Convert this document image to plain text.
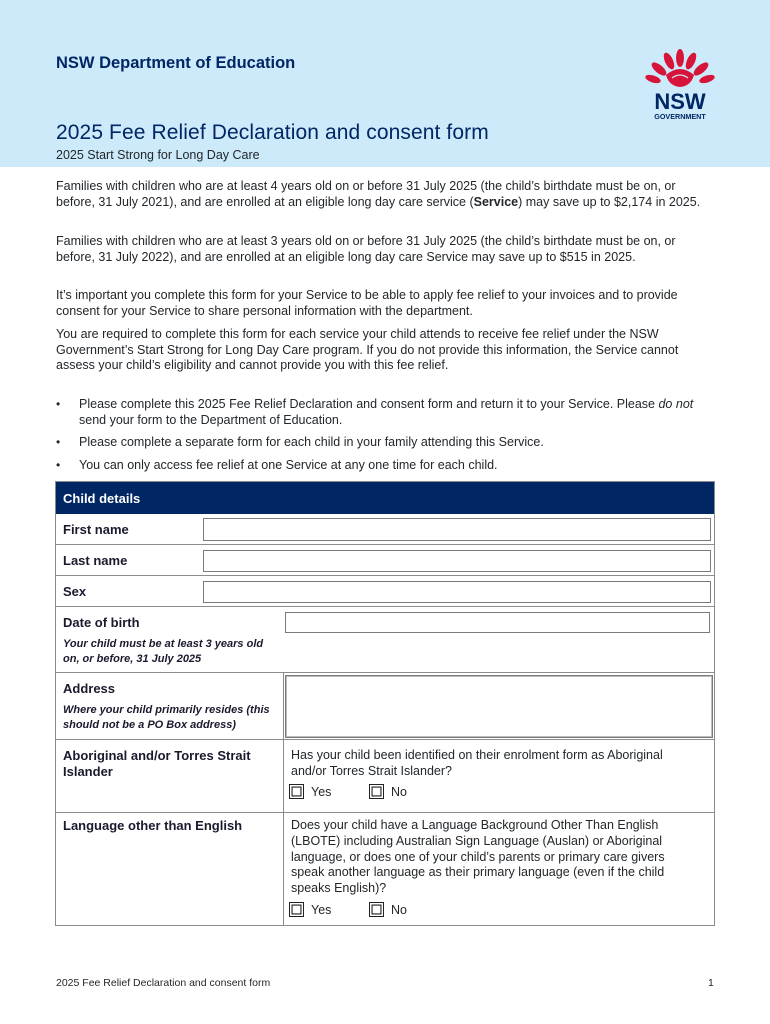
NSW Department of Education
NSW
GOVERNMENT
2025 Fee Relief Declaration and consent form
2025 Start Strong for Long Day Care

Families with children who are at least 4 years old on or before 31 July 2025 (the child’s birthdate must be on, or before, 31 July 2021), and are enrolled at an eligible long day care service (Service) may save up to $2,174 in 2025.

Families with children who are at least 3 years old on or before 31 July 2025 (the child’s birthdate must be on, or before, 31 July 2022), and are enrolled at an eligible long day care Service may save up to $515 in 2025.

It’s important you complete this form for your Service to be able to apply fee relief to your invoices and to provide consent for your Service to share personal information with the department.

You are required to complete this form for each service your child attends to receive fee relief under the NSW Government’s Start Strong for Long Day Care program. If you do not provide this information, the Service cannot assess your child’s eligibility and cannot provide you with this fee relief.

• Please complete this 2025 Fee Relief Declaration and consent form and return it to your Service. Please do not send your form to the Department of Education.
• Please complete a separate form for each child in your family attending this Service.
• You can only access fee relief at one Service at any one time for each child.
Child details
First name
Last name
Sex
Date of birth
Your child must be at least 3 years old on, or before, 31 July 2025
Address
Where your child primarily resides (this should not be a PO Box address)
Aboriginal and/or Torres Strait Islander
Has your child been identified on their enrolment form as Aboriginal and/or Torres Strait Islander?
Yes	No
Language other than English	Does your child have a Language Background Other Than English (LBOTE) including Australian Sign Language (Auslan) or Aboriginal language, or does one of your child’s parents or primary care givers speak another language as their primary language (even if the child speaks English)?
Yes	No
2025 Fee Relief Declaration and consent form	1
